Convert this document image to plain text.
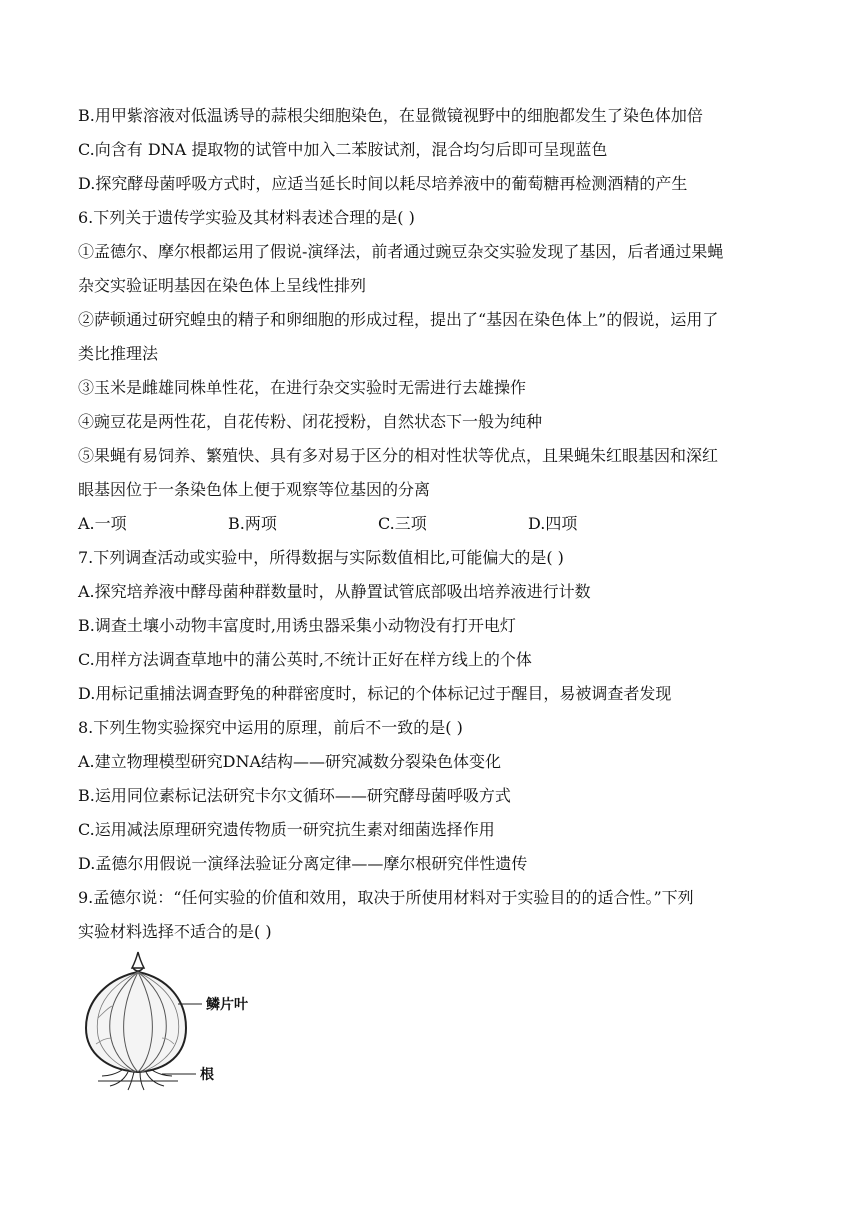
B.用甲紫溶液对低温诱导的蒜根尖细胞染色，在显微镜视野中的细胞都发生了染色体加倍
C.向含有 DNA 提取物的试管中加入二苯胺试剂，混合均匀后即可呈现蓝色
D.探究酵母菌呼吸方式时，应适当延长时间以耗尽培养液中的葡萄糖再检测酒精的产生
6.下列关于遗传学实验及其材料表述合理的是( )
①孟德尔、摩尔根都运用了假说-演绎法，前者通过豌豆杂交实验发现了基因，后者通过果蝇
杂交实验证明基因在染色体上呈线性排列
②萨顿通过研究蝗虫的精子和卵细胞的形成过程，提出了“基因在染色体上”的假说，运用了
类比推理法
③玉米是雌雄同株单性花，在进行杂交实验时无需进行去雄操作
④豌豆花是两性花，自花传粉、闭花授粉，自然状态下一般为纯种
⑤果蝇有易饲养、繁殖快、具有多对易于区分的相对性状等优点，且果蝇朱红眼基因和深红
眼基因位于一条染色体上便于观察等位基因的分离
A.一项	B.两项	C.三项	D.四项
7.下列调查活动或实验中，所得数据与实际数值相比,可能偏大的是( )
A.探究培养液中酵母菌种群数量时，从静置试管底部吸出培养液进行计数
B.调查土壤小动物丰富度时,用诱虫器采集小动物没有打开电灯
C.用样方法调查草地中的蒲公英时,不统计正好在样方线上的个体
D.用标记重捕法调查野兔的种群密度时，标记的个体标记过于醒目，易被调查者发现
8.下列生物实验探究中运用的原理，前后不一致的是( )
A.建立物理模型研究DNA结构——研究减数分裂染色体变化
B.运用同位素标记法研究卡尔文循环——研究酵母菌呼吸方式
C.运用减法原理研究遗传物质一研究抗生素对细菌选择作用
D.孟德尔用假说一演绎法验证分离定律——摩尔根研究伴性遗传
9.孟德尔说：“任何实验的价值和效用，取决于所使用材料对于实验目的的适合性。”下列
实验材料选择不适合的是( )
鳞片叶
根
